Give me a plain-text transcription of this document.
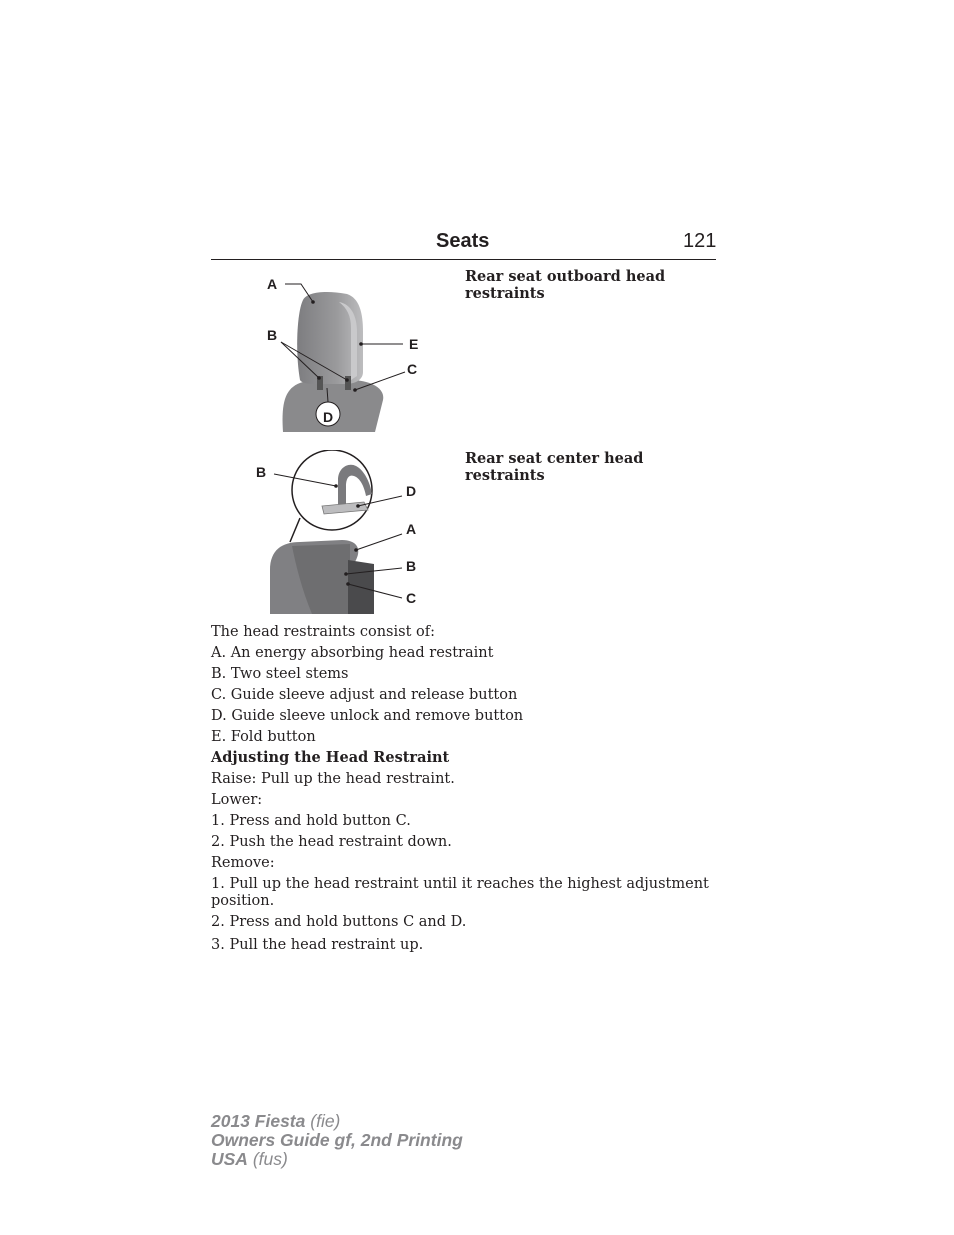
Seats	121
A
B
E
C
D
Rear seat outboard head restraints
B
D
A
B
C
Rear seat center head restraints

The head restraints consist of:

A. An energy absorbing head restraint

B. Two steel stems

C. Guide sleeve adjust and release button

D. Guide sleeve unlock and remove button

E. Fold button

Adjusting the Head Restraint

Raise: Pull up the head restraint.

Lower:

1. Press and hold button C.

2. Push the head restraint down.

Remove:

1. Pull up the head restraint until it reaches the highest adjustment position.

2. Press and hold buttons C and D.

3. Pull the head restraint up.

2013 Fiesta (fie)
Owners Guide gf, 2nd Printing
USA (fus)
